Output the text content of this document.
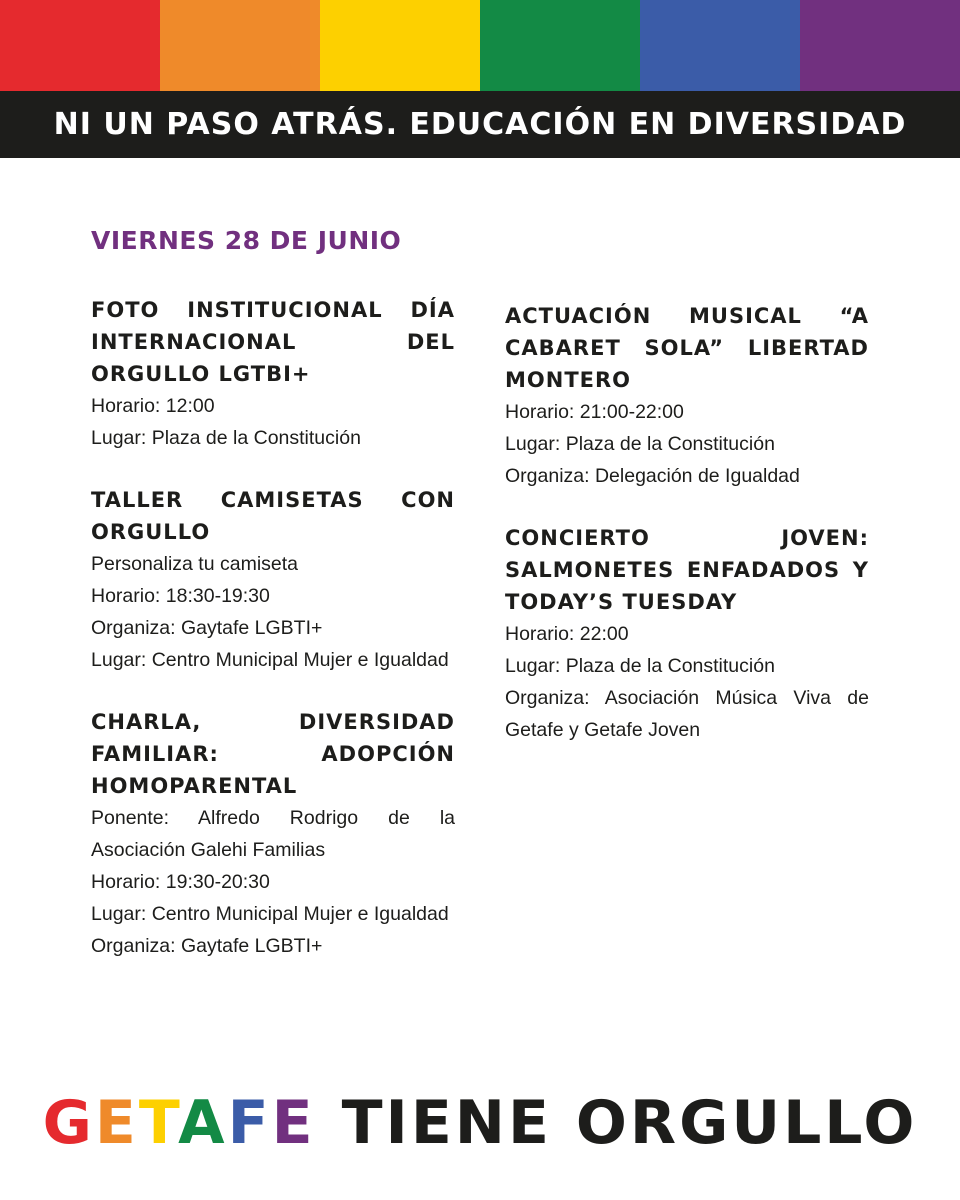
NI UN PASO ATRÁS. EDUCACIÓN EN DIVERSIDAD
VIERNES 28 DE JUNIO
FOTO INSTITUCIONAL DÍA INTERNACIONAL DEL ORGULLO LGTBI+
Horario: 12:00
Lugar: Plaza de la Constitución
TALLER CAMISETAS CON ORGULLO
Personaliza tu camiseta
Horario: 18:30-19:30
Organiza: Gaytafe LGBTI+
Lugar: Centro Municipal Mujer e Igualdad
CHARLA, DIVERSIDAD FAMILIAR: ADOPCIÓN HOMOPARENTAL
Ponente: Alfredo Rodrigo de la Asociación Galehi Familias
Horario: 19:30-20:30
Lugar: Centro Municipal Mujer e Igualdad
Organiza: Gaytafe LGBTI+
ACTUACIÓN MUSICAL “A CABARET SOLA” LIBERTAD MONTERO
Horario: 21:00-22:00
Lugar: Plaza de la Constitución
Organiza: Delegación de Igualdad
CONCIERTO JOVEN: SALMONETES ENFADADOS Y TODAY’S TUESDAY
Horario: 22:00
Lugar: Plaza de la Constitución
Organiza: Asociación Música Viva de Getafe y Getafe Joven
GETAFE TIENE ORGULLO
